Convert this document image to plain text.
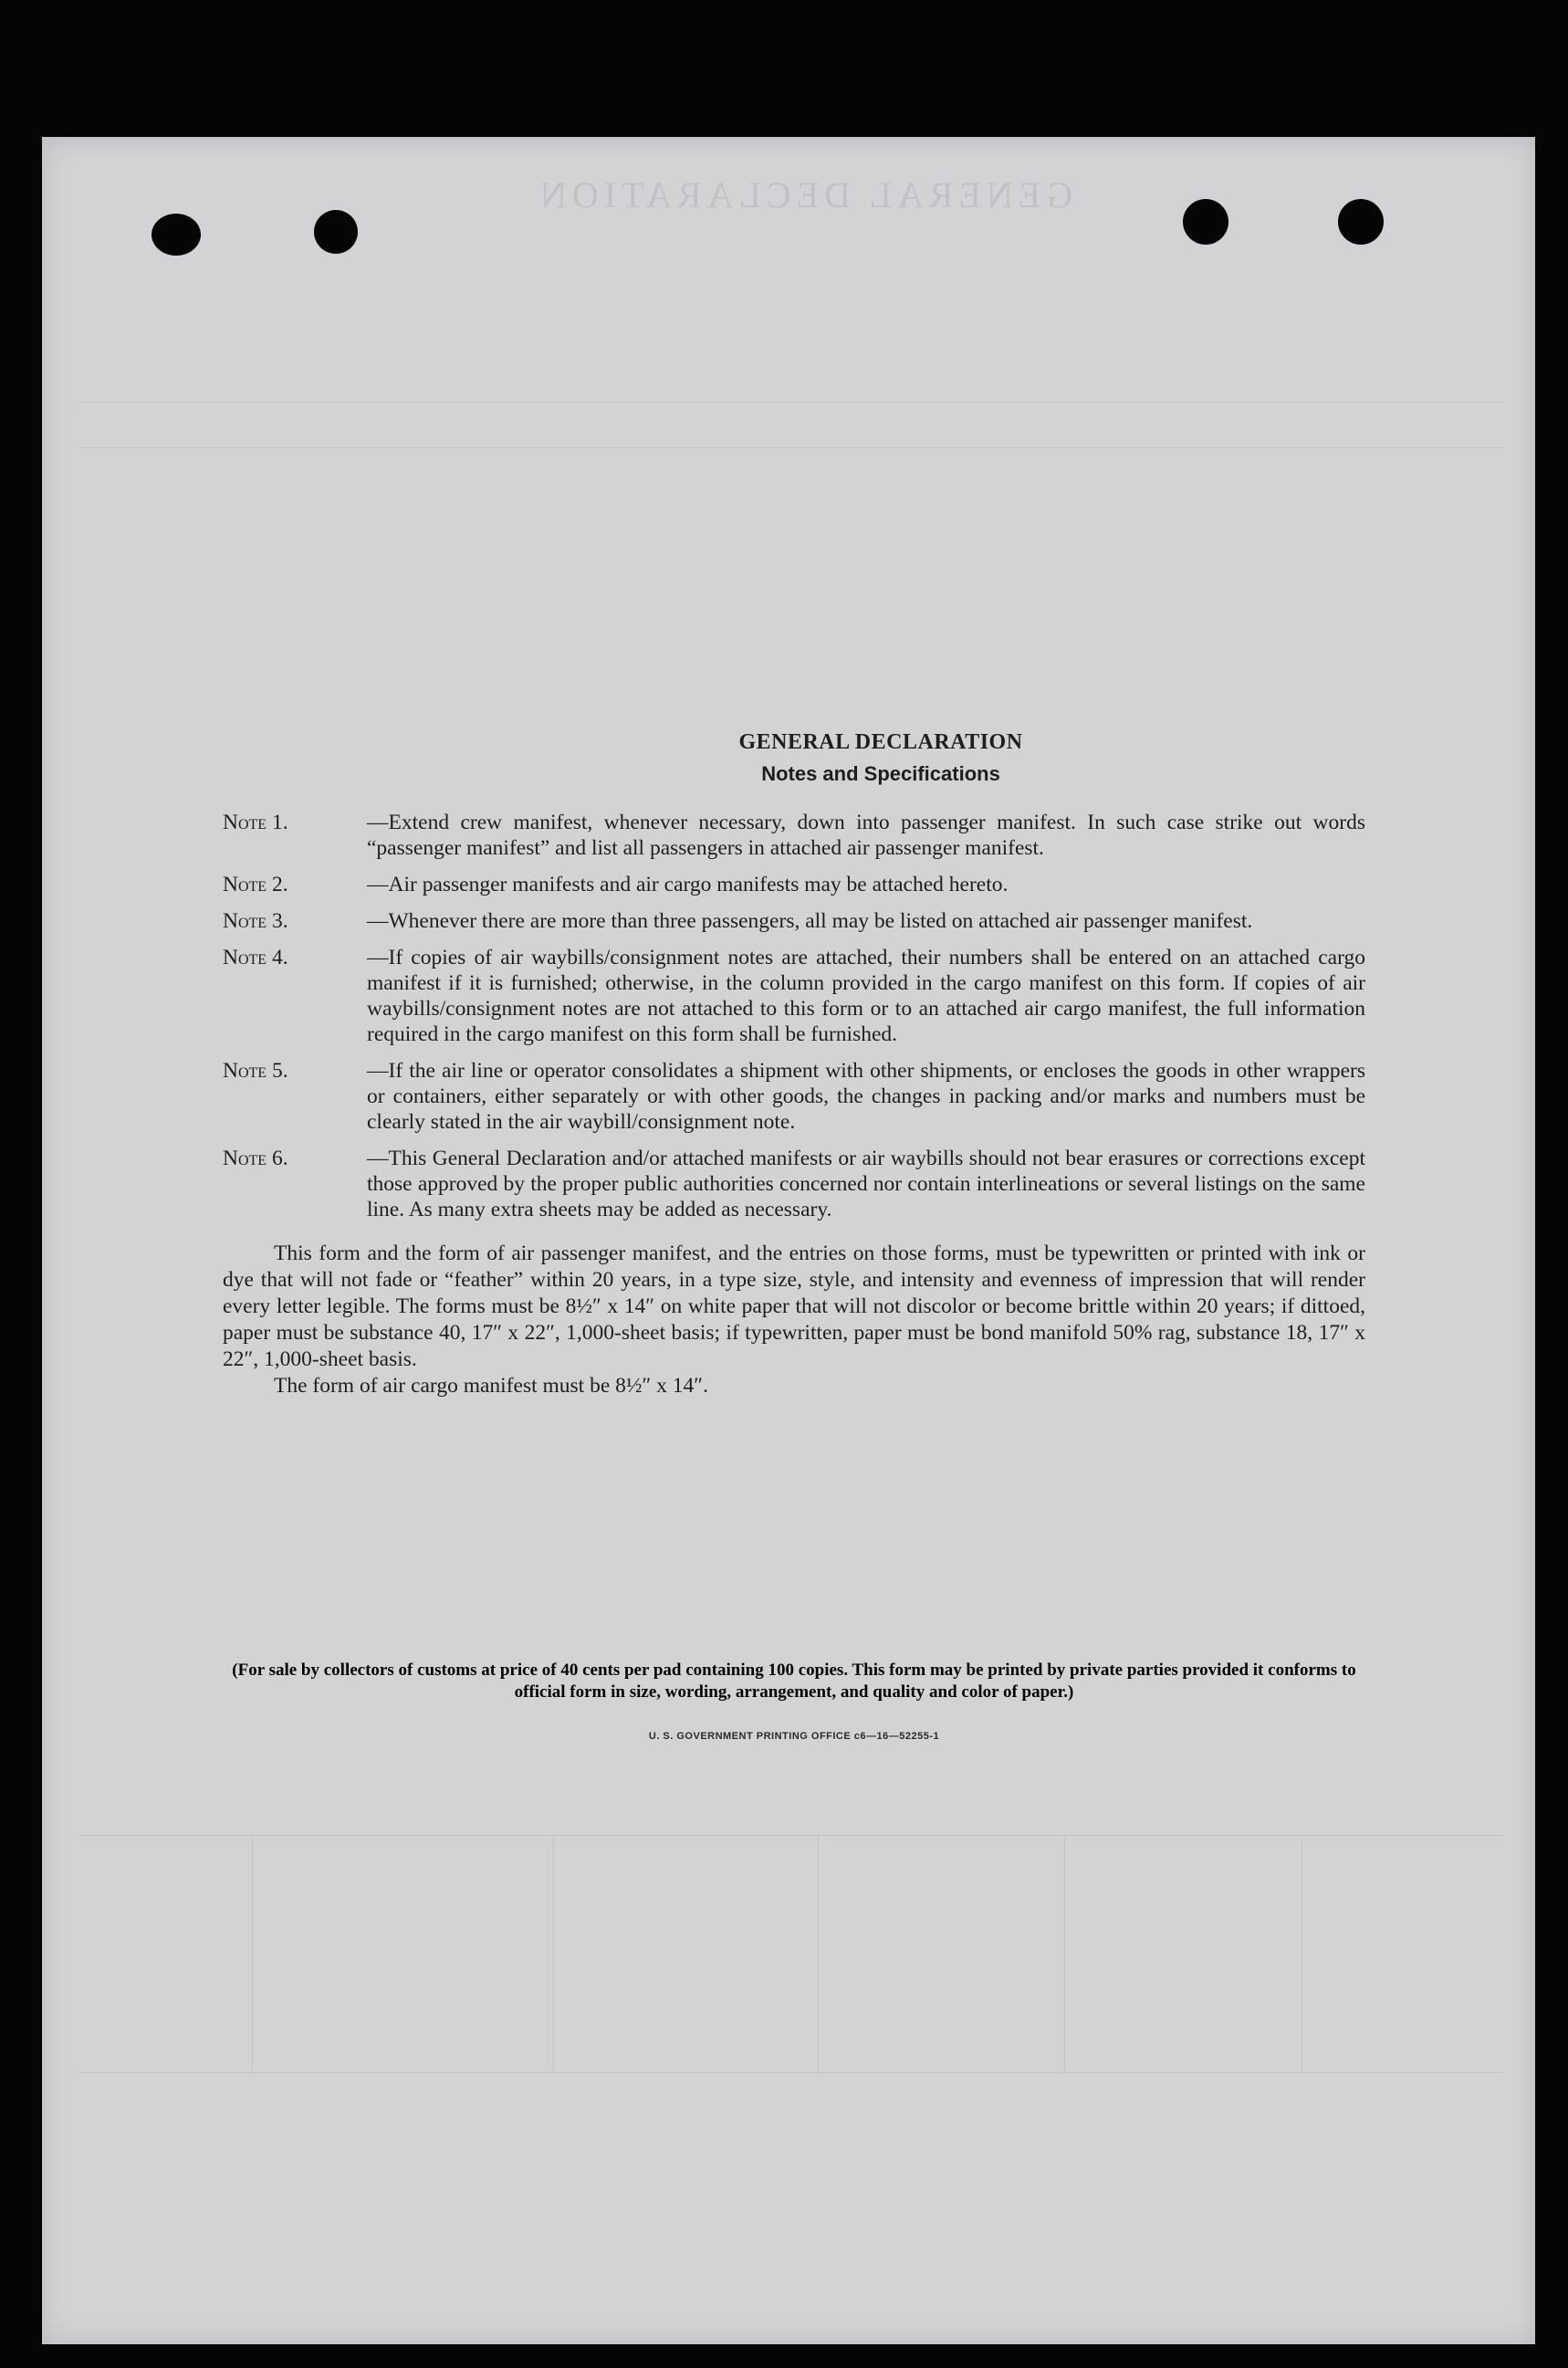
GENERAL DECLARATION
GENERAL DECLARATION
Notes and Specifications
Note 1.	—Extend crew manifest, whenever necessary, down into passenger manifest. In such case strike out words “passenger manifest” and list all passengers in attached air passenger manifest.
Note 2.	—Air passenger manifests and air cargo manifests may be attached hereto.
Note 3.	—Whenever there are more than three passengers, all may be listed on attached air passenger manifest.
Note 4.	—If copies of air waybills/consignment notes are attached, their numbers shall be entered on an attached cargo manifest if it is furnished; otherwise, in the column provided in the cargo manifest on this form. If copies of air waybills/consignment notes are not attached to this form or to an attached air cargo manifest, the full information required in the cargo manifest on this form shall be furnished.
Note 5.	—If the air line or operator consolidates a shipment with other shipments, or encloses the goods in other wrappers or containers, either separately or with other goods, the changes in packing and/or marks and numbers must be clearly stated in the air waybill/consignment note.
Note 6.	—This General Declaration and/or attached manifests or air waybills should not bear erasures or corrections except those approved by the proper public authorities concerned nor contain interlineations or several listings on the same line. As many extra sheets may be added as necessary.
This form and the form of air passenger manifest, and the entries on those forms, must be typewritten or printed with ink or dye that will not fade or “feather” within 20 years, in a type size, style, and intensity and evenness of impression that will render every letter legible. The forms must be 8½″ x 14″ on white paper that will not discolor or become brittle within 20 years; if dittoed, paper must be substance 40, 17″ x 22″, 1,000-sheet basis; if typewritten, paper must be bond manifold 50% rag, substance 18, 17″ x 22″, 1,000-sheet basis.
The form of air cargo manifest must be 8½″ x 14″.
(For sale by collectors of customs at price of 40 cents per pad containing 100 copies. This form may be printed by private parties provided it conforms to official form in size, wording, arrangement, and quality and color of paper.)
U. S. GOVERNMENT PRINTING OFFICE c6—16—52255-1
